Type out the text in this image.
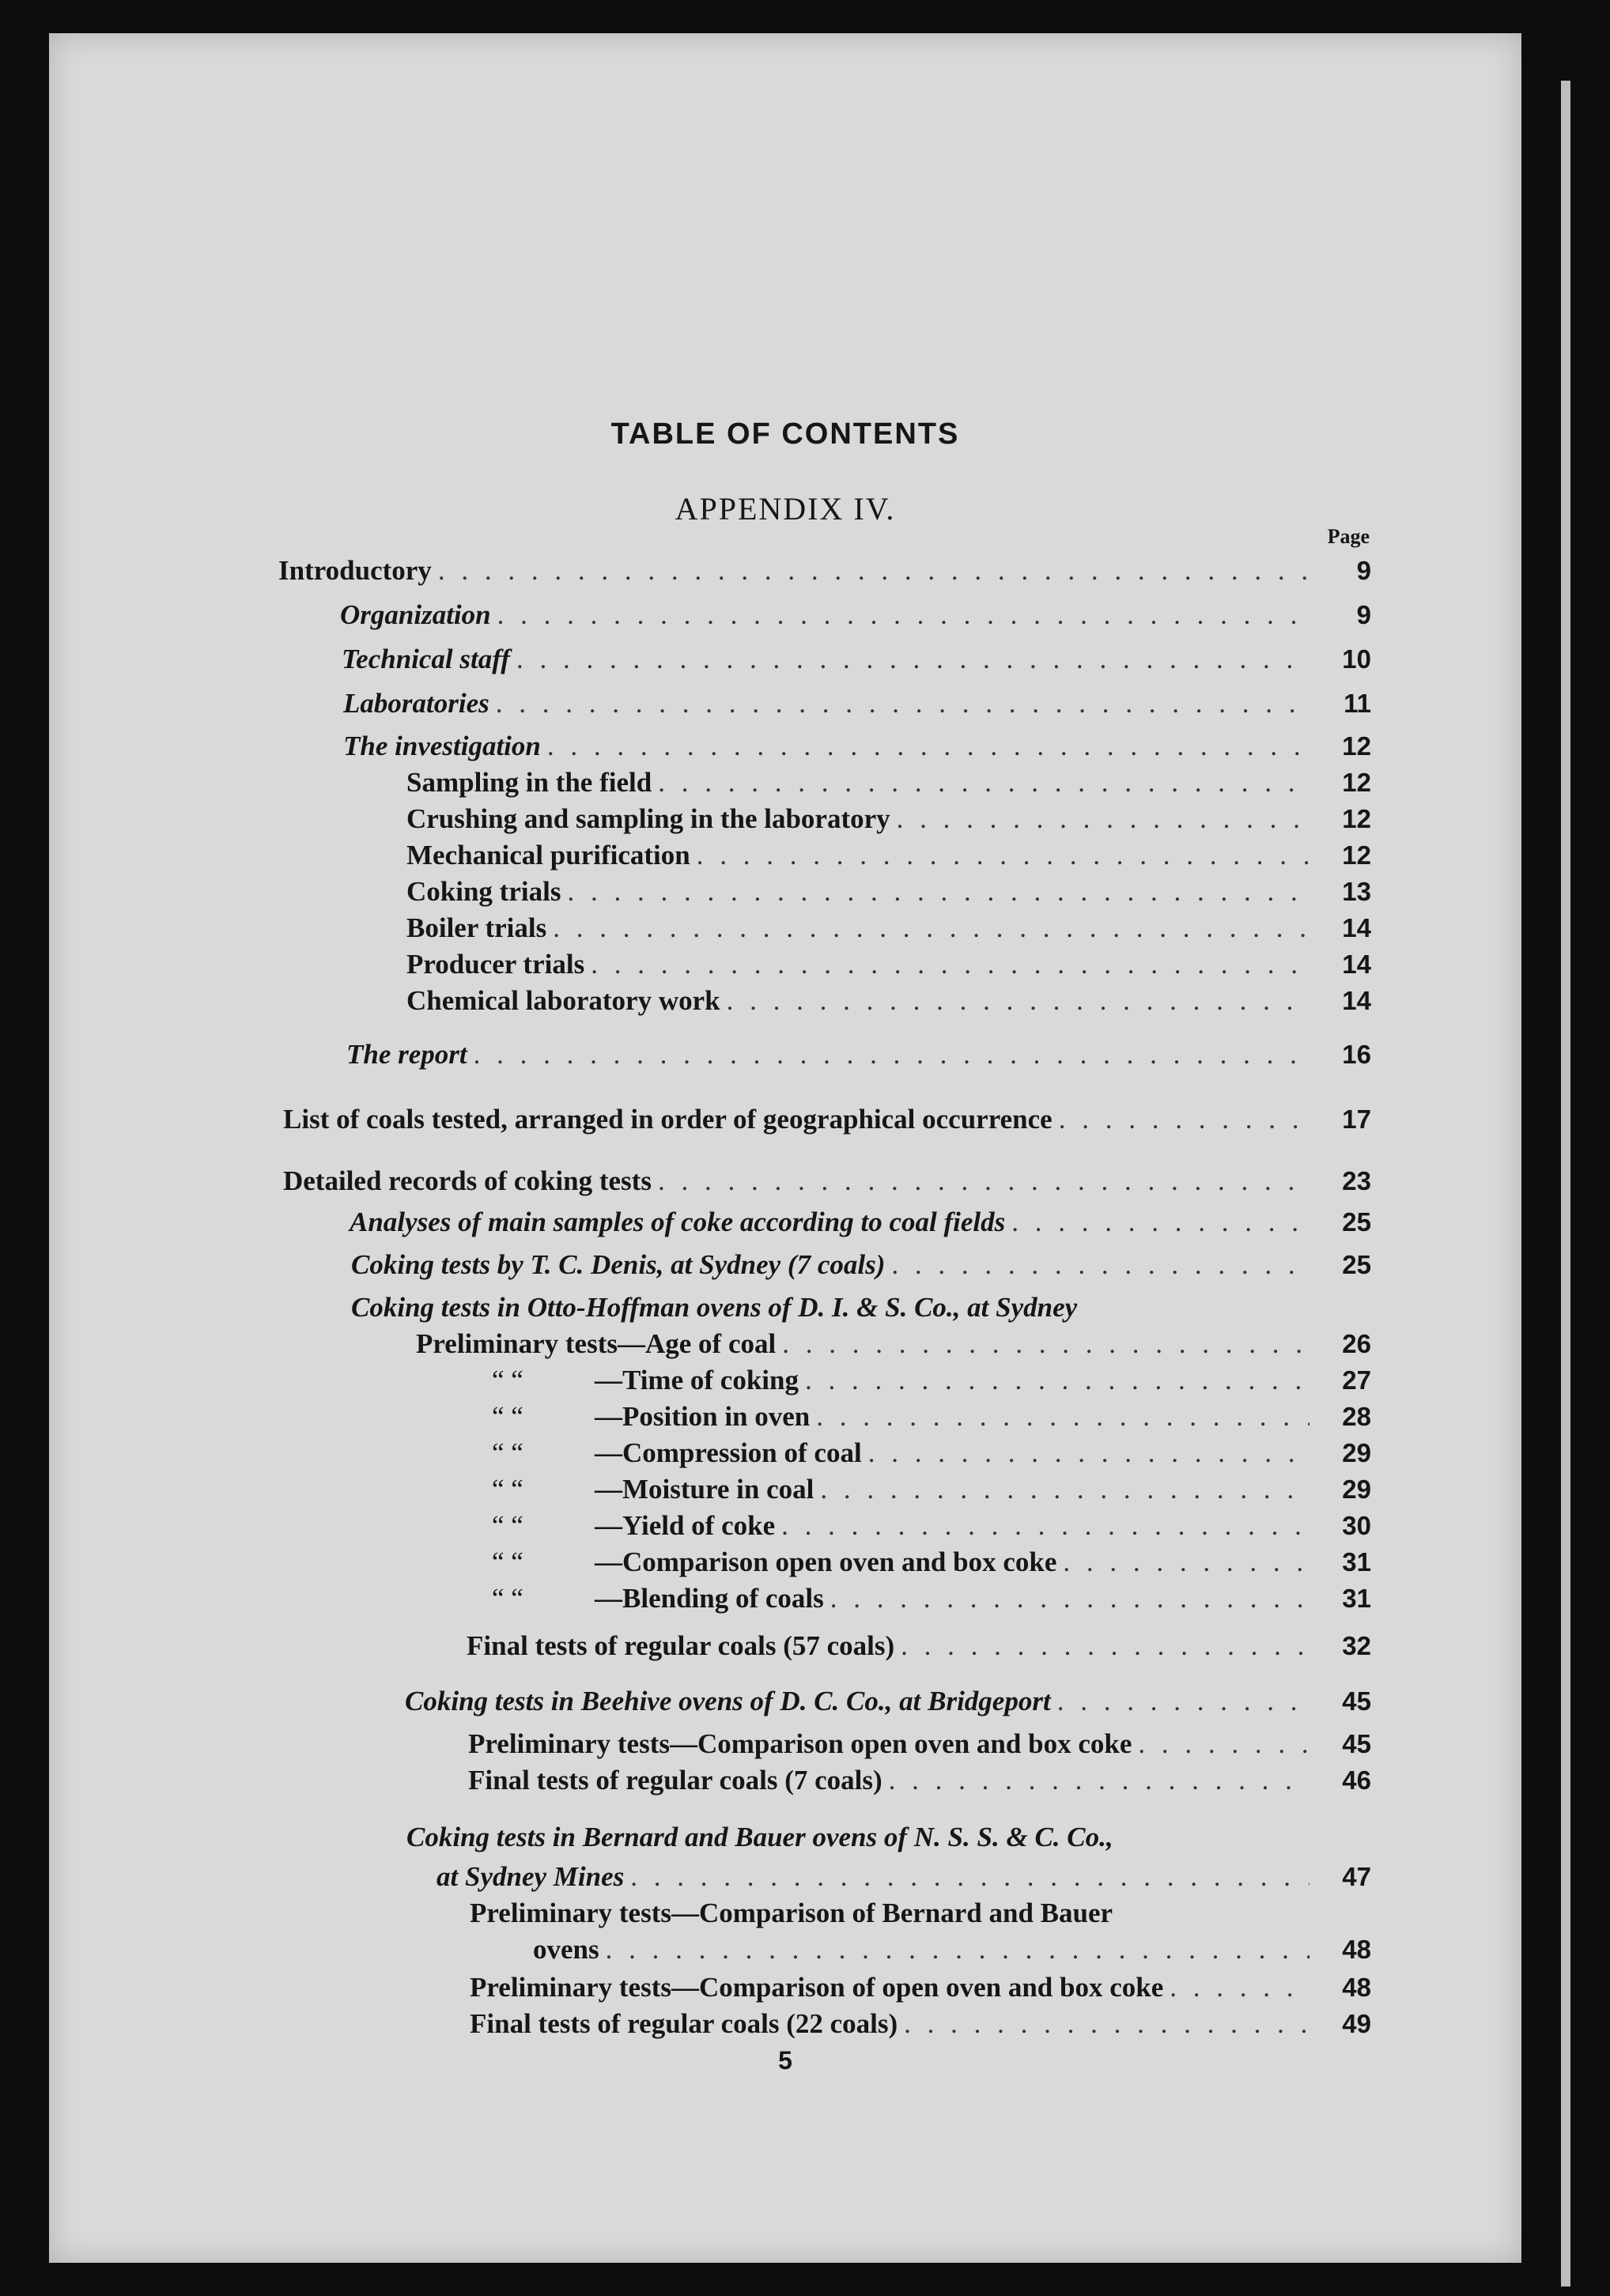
TABLE OF CONTENTS
APPENDIX IV.
Page
Introductory . . .	9
Organization . . .	9
Technical staff . . .	10
Laboratories . . .	11
The investigation . . .	12
Sampling in the field . . .	12
Crushing and sampling in the laboratory . . .	12
Mechanical purification . . .	12
Coking trials . . .	13
Boiler trials . . .	14
Producer trials . . .	14
Chemical laboratory work . . .	14
The report . . .	16
List of coals tested, arranged in order of geographical occurrence . . .	17
Detailed records of coking tests . . .	23
Analyses of main samples of coke according to coal fields . . .	25
Coking tests by T. C. Denis, at Sydney (7 coals) . . .	25
Coking tests in Otto-Hoffman ovens of D. I. & S. Co., at Sydney
Preliminary tests—Age of coal . . .	26
“ “	—Time of coking . . .	27
“ “	—Position in oven . . .	28
“ “	—Compression of coal . . .	29
“ “	—Moisture in coal . . .	29
“ “	—Yield of coke . . .	30
“ “	—Comparison open oven and box coke . . .	31
“ “	—Blending of coals . . .	31
Final tests of regular coals (57 coals) . . .	32
Coking tests in Beehive ovens of D. C. Co., at Bridgeport . . .	45
Preliminary tests—Comparison open oven and box coke . . .	45
Final tests of regular coals (7 coals) . . .	46
Coking tests in Bernard and Bauer ovens of N. S. S. & C. Co.,
at Sydney Mines . . .	47
Preliminary tests—Comparison of Bernard and Bauer
ovens . . .	48
Preliminary tests—Comparison of open oven and box coke . . .	48
Final tests of regular coals (22 coals) . . .	49
5
